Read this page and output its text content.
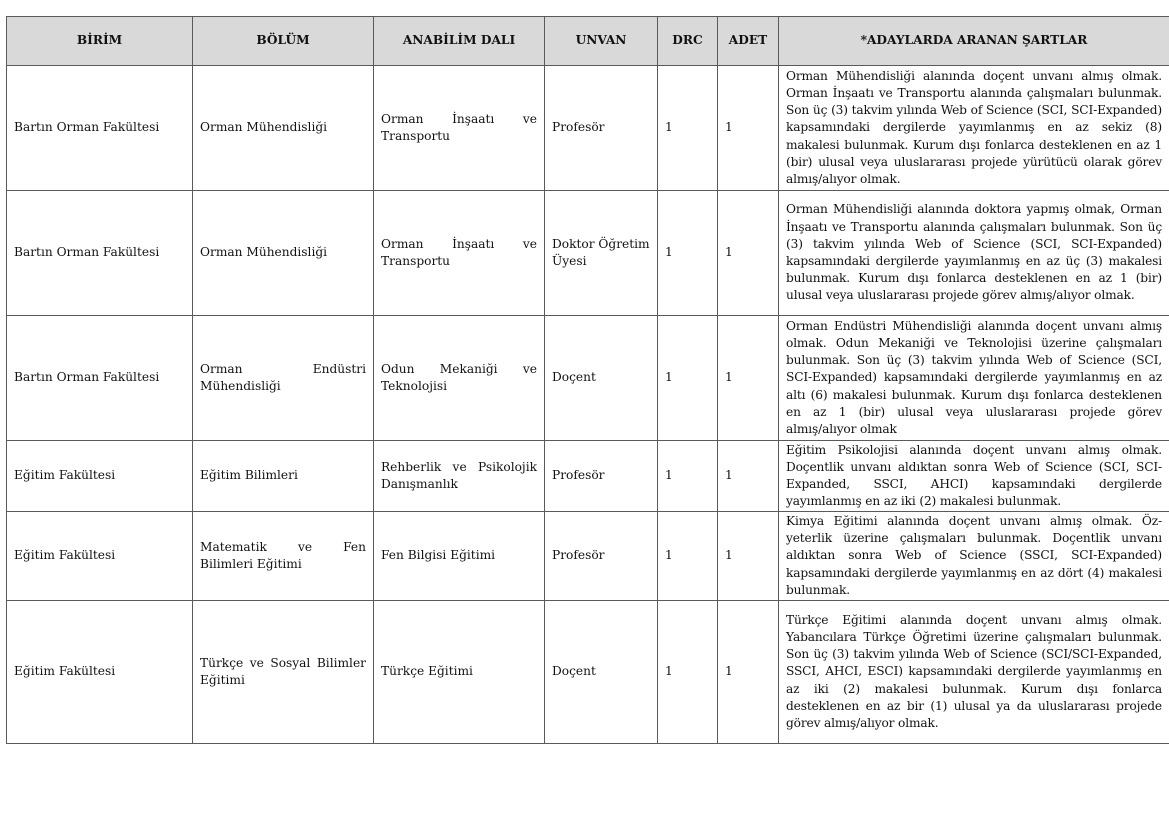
BİRİM	BÖLÜM	ANABİLİM DALI	UNVAN	DRC	ADET	*ADAYLARDA ARANAN ŞARTLAR
Bartın Orman Fakültesi	Orman Mühendisliği	Orman İnşaatı ve Transportu	Profesör	1	1	Orman Mühendisliği alanında doçent unvanı almış olmak. Orman İnşaatı ve Transportu alanında çalışmaları bulunmak. Son üç (3) takvim yılında Web of Science (SCI, SCI-Expanded) kapsamındaki dergilerde yayımlanmış en az sekiz (8) makalesi bulunmak. Kurum dışı fonlarca desteklenen en az 1 (bir) ulusal veya uluslararası projede yürütücü olarak görev almış/alıyor olmak.
Bartın Orman Fakültesi	Orman Mühendisliği	Orman İnşaatı ve Transportu	Doktor Öğretim Üyesi	1	1	Orman Mühendisliği alanında doktora yapmış olmak, Orman İnşaatı ve Transportu alanında çalışmaları bulunmak. Son üç (3) takvim yılında Web of Science (SCI, SCI-Expanded) kapsamındaki dergilerde yayımlanmış en az üç (3) makalesi bulunmak. Kurum dışı fonlarca desteklenen en az 1 (bir) ulusal veya uluslararası projede görev almış/alıyor olmak.
Bartın Orman Fakültesi	Orman Endüstri Mühendisliği	Odun Mekaniği ve Teknolojisi	Doçent	1	1	Orman Endüstri Mühendisliği alanında doçent unvanı almış olmak. Odun Mekaniği ve Teknolojisi üzerine çalışmaları bulunmak. Son üç (3) takvim yılında Web of Science (SCI, SCI-Expanded) kapsamındaki dergilerde yayımlanmış en az altı (6) makalesi bulunmak. Kurum dışı fonlarca desteklenen en az 1 (bir) ulusal veya uluslararası projede görev almış/alıyor olmak
Eğitim Fakültesi	Eğitim Bilimleri	Rehberlik ve Psikolojik Danışmanlık	Profesör	1	1	Eğitim Psikolojisi alanında doçent unvanı almış olmak. Doçentlik unvanı aldıktan sonra Web of Science (SCI, SCI-Expanded, SSCI, AHCI) kapsamındaki dergilerde yayımlanmış en az iki (2) makalesi bulunmak.
Eğitim Fakültesi	Matematik ve Fen Bilimleri Eğitimi	Fen Bilgisi Eğitimi	Profesör	1	1	Kimya Eğitimi alanında doçent unvanı almış olmak. Öz-yeterlik üzerine çalışmaları bulunmak. Doçentlik unvanı aldıktan sonra Web of Science (SSCI, SCI-Expanded) kapsamındaki dergilerde yayımlanmış en az dört (4) makalesi bulunmak.
Eğitim Fakültesi	Türkçe ve Sosyal Bilimler Eğitimi	Türkçe Eğitimi	Doçent	1	1	Türkçe Eğitimi alanında doçent unvanı almış olmak. Yabancılara Türkçe Öğretimi üzerine çalışmaları bulunmak. Son üç (3) takvim yılında Web of Science (SCI/SCI-Expanded, SSCI, AHCI, ESCI) kapsamındaki dergilerde yayımlanmış en az iki (2) makalesi bulunmak. Kurum dışı fonlarca desteklenen en az bir (1) ulusal ya da uluslararası projede görev almış/alıyor olmak.
